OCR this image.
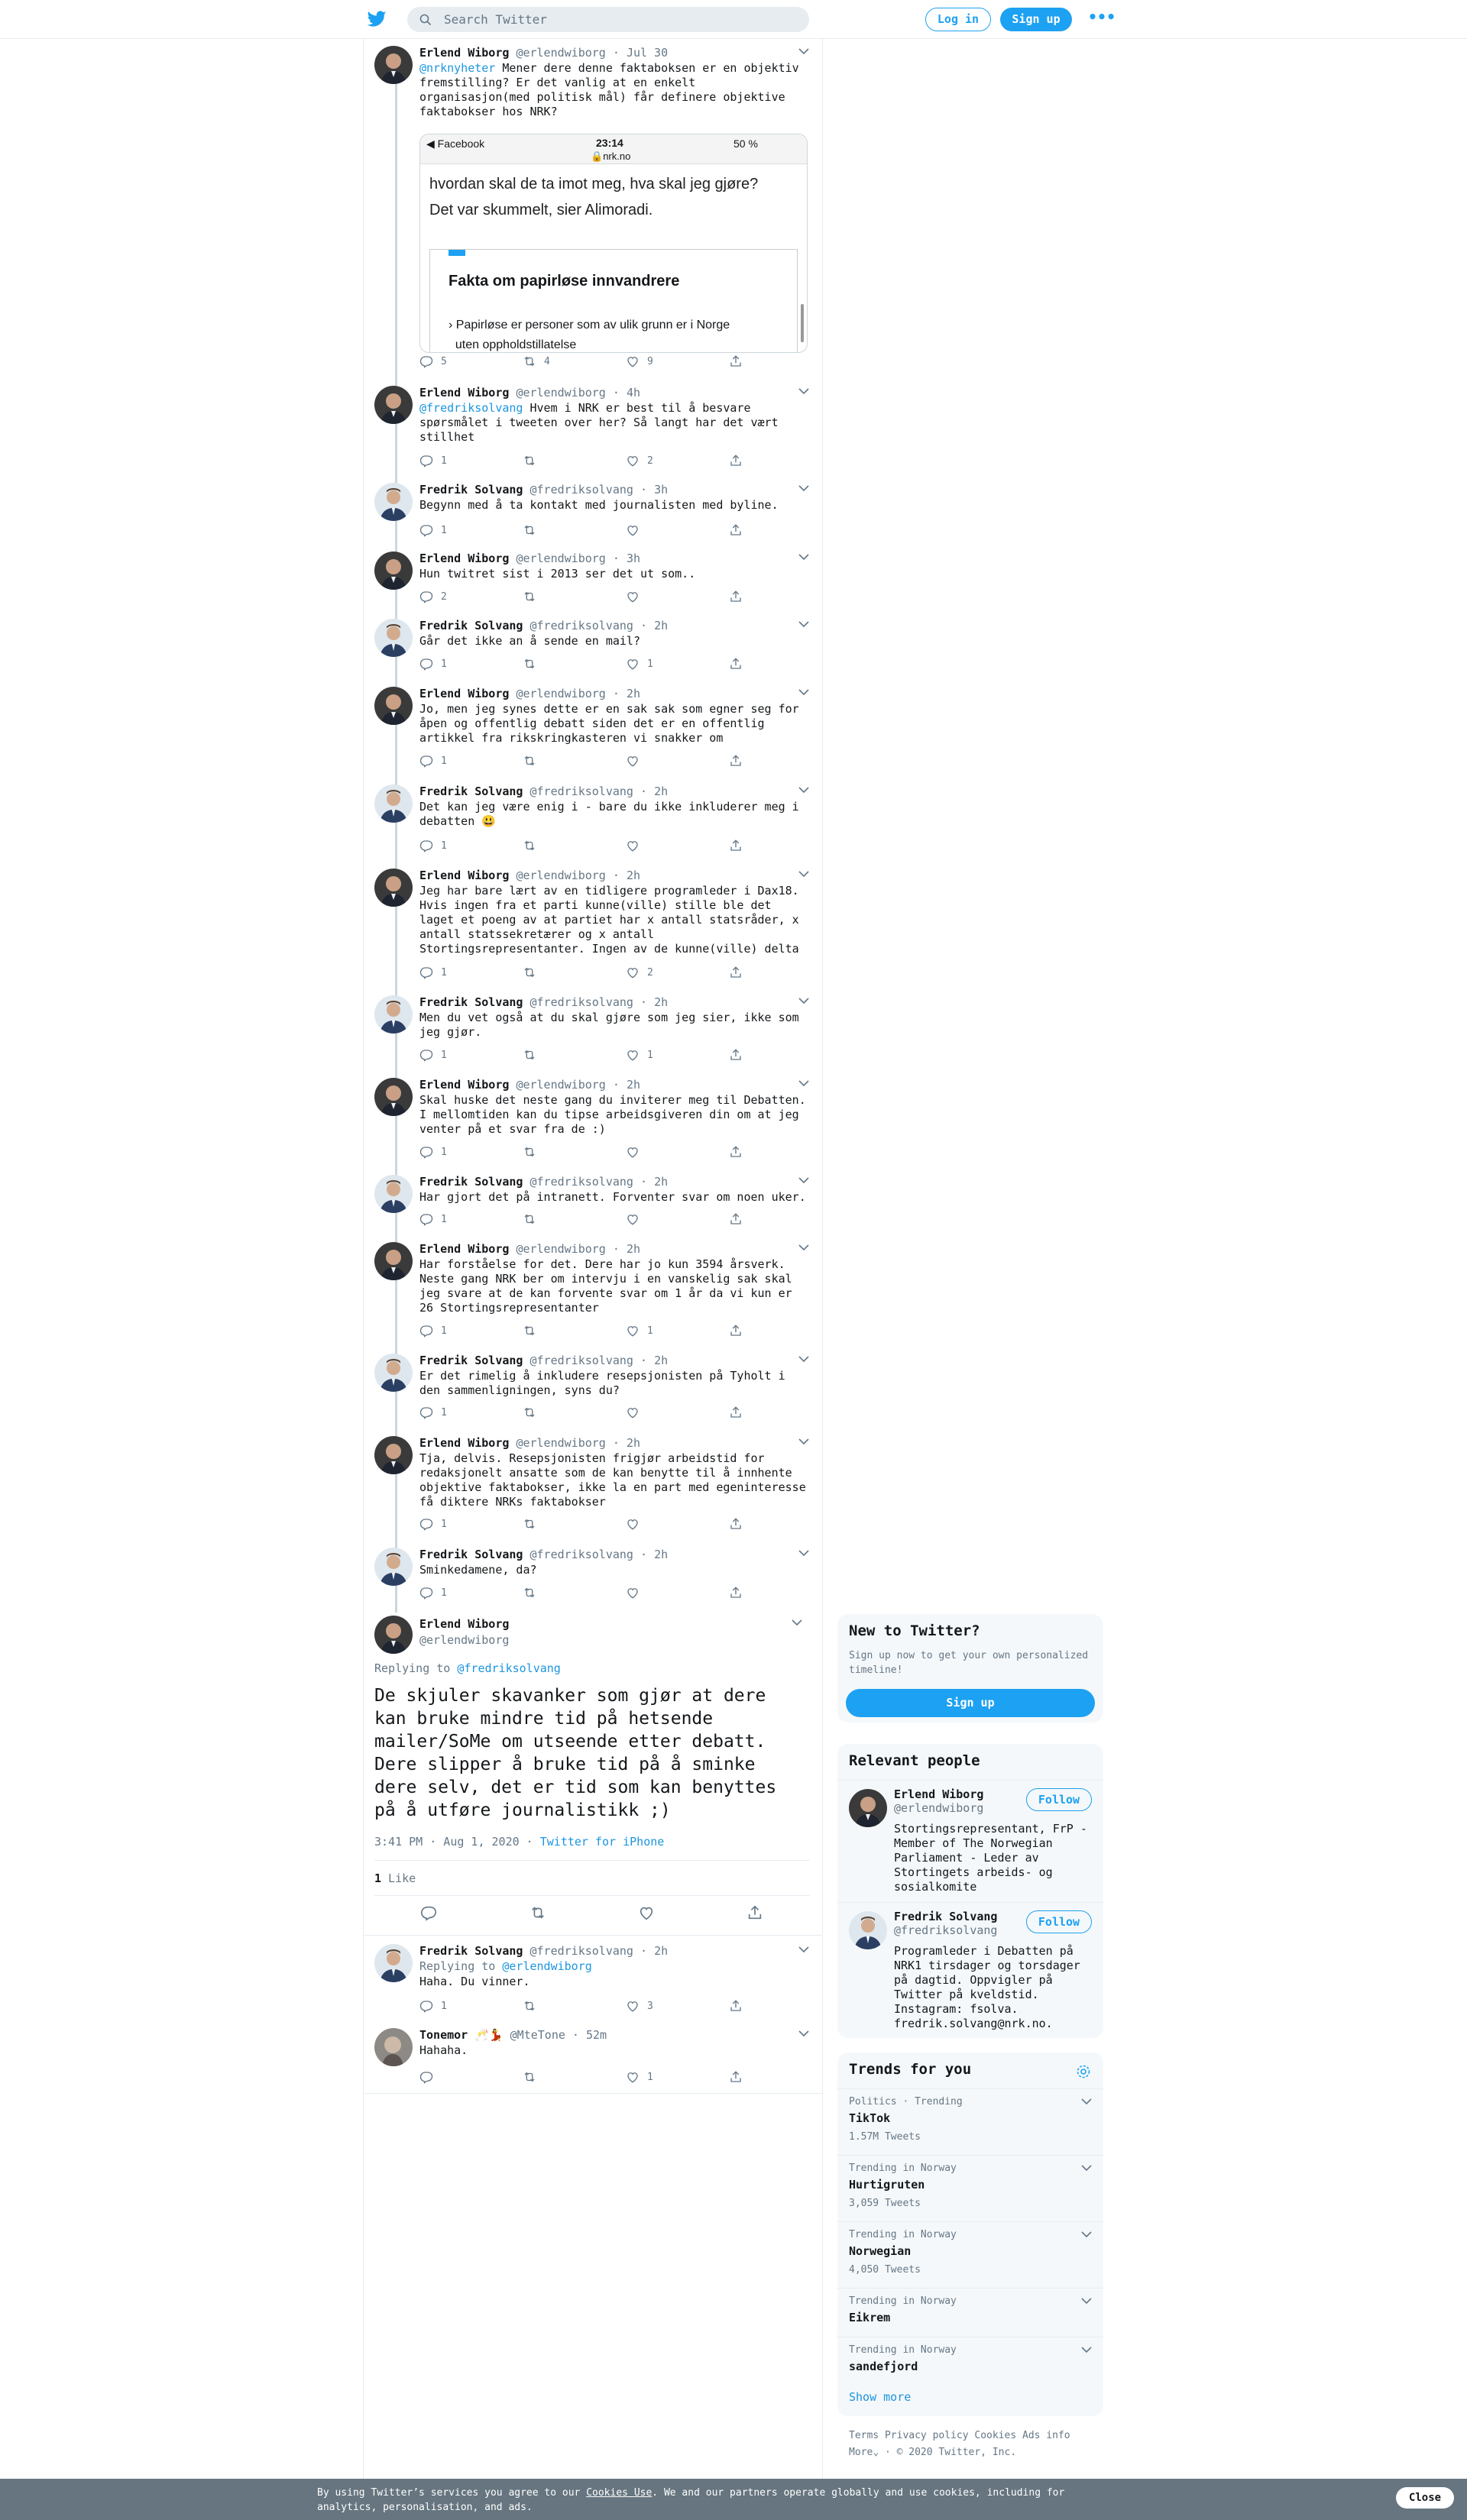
Search Twitter	Log in	Sign up	•••
Erlend Wiborg @erlendwiborg · Jul 30
@nrknyheter Mener dere denne faktaboksen er en objektiv fremstilling? Er det vanlig at en enkelt organisasjon(med politisk mål) får definere objektive faktabokser hos NRK?
◀ Facebook	23:14	50 %
🔒nrk.no
hvordan skal de ta imot meg, hva skal jeg gjøre?
Det var skummelt, sier Alimoradi.
Fakta om papirløse innvandrere
› Papirløse er personer som av ulik grunn er i Norge
uten oppholdstillatelse
5	4	9
Erlend Wiborg @erlendwiborg · 4h
@fredriksolvang Hvem i NRK er best til å besvare spørsmålet i tweeten over her? Så langt har det vært stillhet
1	2
Fredrik Solvang @fredriksolvang · 3h
Begynn med å ta kontakt med journalisten med byline.
1
Erlend Wiborg @erlendwiborg · 3h
Hun twitret sist i 2013 ser det ut som..
2
Fredrik Solvang @fredriksolvang · 2h
Går det ikke an å sende en mail?
1	1
Erlend Wiborg @erlendwiborg · 2h
Jo, men jeg synes dette er en sak sak som egner seg for åpen og offentlig debatt siden det er en offentlig artikkel fra rikskringkasteren vi snakker om
1
Fredrik Solvang @fredriksolvang · 2h
Det kan jeg være enig i - bare du ikke inkluderer meg i debatten 😃
1
Erlend Wiborg @erlendwiborg · 2h
Jeg har bare lært av en tidligere programleder i Dax18. Hvis ingen fra et parti kunne(ville) stille ble det laget et poeng av at partiet har x antall statsråder, x antall statssekretærer og x antall Stortingsrepresentanter. Ingen av de kunne(ville) delta
1	2
Fredrik Solvang @fredriksolvang · 2h
Men du vet også at du skal gjøre som jeg sier, ikke som jeg gjør.
1	1
Erlend Wiborg @erlendwiborg · 2h
Skal huske det neste gang du inviterer meg til Debatten. I mellomtiden kan du tipse arbeidsgiveren din om at jeg venter på et svar fra de :)
1
Fredrik Solvang @fredriksolvang · 2h
Har gjort det på intranett. Forventer svar om noen uker.
1
Erlend Wiborg @erlendwiborg · 2h
Har forståelse for det. Dere har jo kun 3594 årsverk. Neste gang NRK ber om intervju i en vanskelig sak skal jeg svare at de kan forvente svar om 1 år da vi kun er 26 Stortingsrepresentanter
1	1
Fredrik Solvang @fredriksolvang · 2h
Er det rimelig å inkludere resepsjonisten på Tyholt i den sammenligningen, syns du?
1
Erlend Wiborg @erlendwiborg · 2h
Tja, delvis. Resepsjonisten frigjør arbeidstid for redaksjonelt ansatte som de kan benytte til å innhente objektive faktabokser, ikke la en part med egeninteresse få diktere NRKs faktabokser
1
Fredrik Solvang @fredriksolvang · 2h
Sminkedamene, da?
1
Erlend Wiborg
@erlendwiborg
Replying to @fredriksolvang
De skjuler skavanker som gjør at dere kan bruke mindre tid på hetsende mailer/SoMe om utseende etter debatt. Dere slipper å bruke tid på å sminke dere selv, det er tid som kan benyttes på å utføre journalistikk ;)
3:41 PM · Aug 1, 2020 · Twitter for iPhone
1 Like
Fredrik Solvang @fredriksolvang · 2h
Replying to @erlendwiborg
Haha. Du vinner.
1	3
Tonemor 🥂💃 @MteTone · 52m
Hahaha.
1
New to Twitter?
Sign up now to get your own personalized timeline!
Sign up
Relevant people
Erlend Wiborg
@erlendwiborg
Follow
Stortingsrepresentant, FrP - Member of The Norwegian Parliament - Leder av Stortingets arbeids- og sosialkomite
Fredrik Solvang
@fredriksolvang
Follow
Programleder i Debatten på NRK1 tirsdager og torsdager på dagtid. Oppvigler på Twitter på kveldstid. Instagram: fsolva. fredrik.solvang@nrk.no.
Trends for you
Politics · Trending
TikTok
1.57M Tweets
Trending in Norway
Hurtigruten
3,059 Tweets
Trending in Norway
Norwegian
4,050 Tweets
Trending in Norway
Eikrem
Trending in Norway
sandefjord
Show more
Terms Privacy policy Cookies Ads info
More⌄ · © 2020 Twitter, Inc.
By using Twitter’s services you agree to our Cookies Use. We and our partners operate globally and use cookies, including for analytics, personalisation, and ads.
Close
